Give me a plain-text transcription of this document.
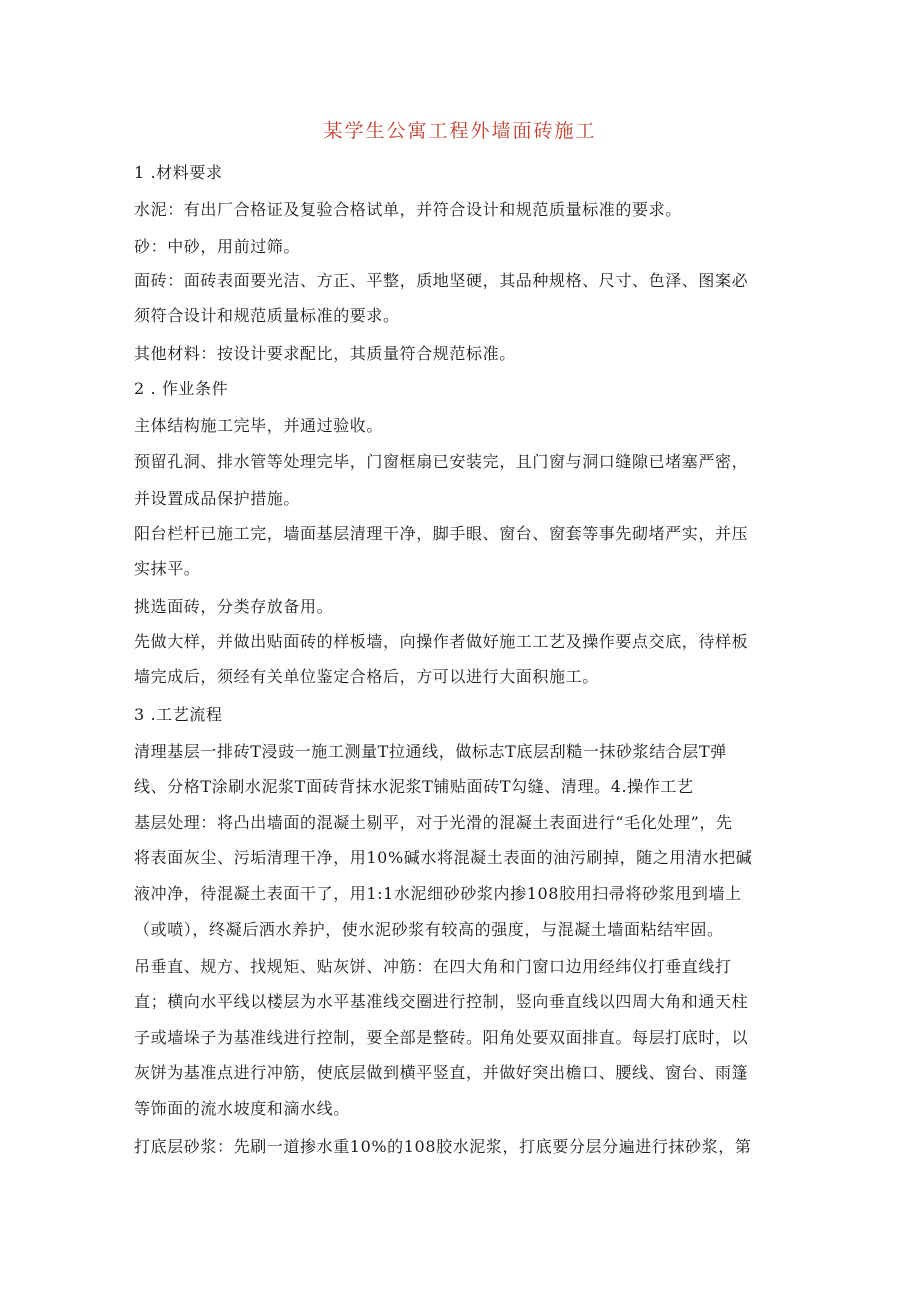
某学生公寓工程外墙面砖施工
1 .材料要求
水泥：有出厂合格证及复验合格试单，并符合设计和规范质量标准的要求。
砂：中砂，用前过筛。
面砖：面砖表面要光洁、方正、平整，质地坚硬，其品种规格、尺寸、色泽、图案必
须符合设计和规范质量标准的要求。
其他材料：按设计要求配比，其质量符合规范标准。
2 . 作业条件
主体结构施工完毕，并通过验收。
预留孔洞、排水管等处理完毕，门窗框扇已安装完，且门窗与洞口缝隙已堵塞严密，
并设置成品保护措施。
阳台栏杆已施工完，墙面基层清理干净，脚手眼、窗台、窗套等事先砌堵严实，并压
实抹平。
挑选面砖，分类存放备用。
先做大样，并做出贴面砖的样板墙，向操作者做好施工工艺及操作要点交底，待样板
墙完成后，须经有关单位鉴定合格后，方可以进行大面积施工。
3 .工艺流程
清理基层一排砖T浸豉一施工测量T拉通线，做标志T底层刮糙一抹砂浆结合层T弹
线、分格T涂刷水泥浆T面砖背抹水泥浆T铺贴面砖T勾缝、清理。4.操作工艺
基层处理：将凸出墙面的混凝土剔平，对于光滑的混凝土表面进行“毛化处理”，先
将表面灰尘、污垢清理干净，用10%碱水将混凝土表面的油污刷掉，随之用清水把碱
液冲净，待混凝土表面干了，用1:1水泥细砂砂浆内掺108胶用扫帚将砂浆甩到墙上
（或喷），终凝后洒水养护，使水泥砂浆有较高的强度，与混凝土墙面粘结牢固。
吊垂直、规方、找规矩、贴灰饼、冲筋：在四大角和门窗口边用经纬仪打垂直线打
直；横向水平线以楼层为水平基准线交圈进行控制，竖向垂直线以四周大角和通天柱
子或墙垛子为基准线进行控制，要全部是整砖。阳角处要双面排直。每层打底时，以
灰饼为基准点进行冲筋，使底层做到横平竖直，并做好突出檐口、腰线、窗台、雨篷
等饰面的流水坡度和滴水线。
打底层砂浆：先刷一道掺水重10%的108胶水泥浆，打底要分层分遍进行抹砂浆，第
